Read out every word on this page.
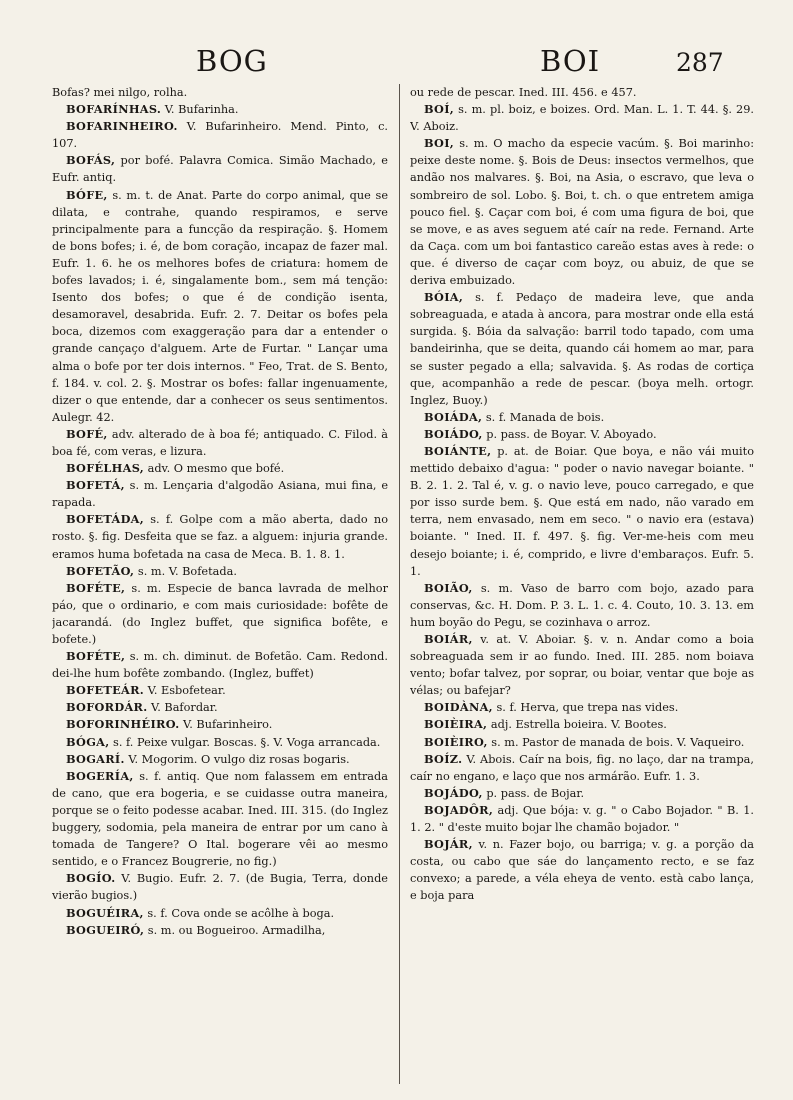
BOG	BOI	287

Bofas? mei nilgo, rolha.

BOFARÍNHAS. V. Bufarinha.

BOFARINHEIRO. V. Bufarinheiro. Mend. Pinto, c. 107.

BOFÁS, por bofé. Palavra Comica. Simão Machado, e Eufr. antiq.

BÓFE, s. m. t. de Anat. Parte do corpo animal, que se dilata, e contrahe, quando respiramos, e serve principalmente para a funcção da respiração. §. Homem de bons bofes; i. é, de bom coração, incapaz de fazer mal. Eufr. 1. 6. he os melhores bofes de criatura: homem de bofes lavados; i. é, singalamente bom., sem má tenção: Isento dos bofes; o que é de condição isenta, desamoravel, desabrida. Eufr. 2. 7. Deitar os bofes pela boca, dizemos com exaggeração para dar a entender o grande cançaço d'alguem. Arte de Furtar. " Lançar uma alma o bofe por ter dois internos. " Feo, Trat. de S. Bento, f. 184. v. col. 2. §. Mostrar os bofes: fallar ingenuamente, dizer o que entende, dar a conhecer os seus sentimentos. Aulegr. 42.

BOFÉ, adv. alterado de à boa fé; antiquado. C. Filod. à boa fé, com veras, e lizura.

BOFÉLHAS, adv. O mesmo que bofé.

BOFETÁ, s. m. Lençaria d'algodão Asiana, mui fina, e rapada.

BOFETÁDA, s. f. Golpe com a mão aberta, dado no rosto. §. fig. Desfeita que se faz. a alguem: injuria grande. eramos huma bofetada na casa de Meca. B. 1. 8. 1.

BOFETÃO, s. m. V. Bofetada.

BOFÉTE, s. m. Especie de banca lavrada de melhor páo, que o ordinario, e com mais curiosidade: bofête de jacarandá. (do Inglez buffet, que significa bofête, e bofete.)

BOFÉTE, s. m. ch. diminut. de Bofetão. Cam. Redond. dei-lhe hum bofête zombando. (Inglez, buffet)

BOFETEÁR. V. Esbofetear.

BOFORDÁR. V. Bafordar.

BOFORINHÉIRO. V. Bufarinheiro.

BÓGA, s. f. Peixe vulgar. Boscas. §. V. Voga arrancada.

BOGARÍ. V. Mogorim. O vulgo diz rosas bogaris.

BOGERÍA, s. f. antiq. Que nom falassem em entrada de cano, que era bogeria, e se cuidasse outra maneira, porque se o feito podesse acabar. Ined. III. 315. (do Inglez buggery, sodomia, pela maneira de entrar por um cano à tomada de Tangere? O Ital. bogerare vêi ao mesmo sentido, e o Francez Bougrerie, no fig.)

BOGÍO. V. Bugio. Eufr. 2. 7. (de Bugia, Terra, donde vierão bugios.)

BOGUÉIRA, s. f. Cova onde se acôlhe à boga.

BOGUEIRÓ, s. m. ou Bogueiroo. Armadilha,

ou rede de pescar. Ined. III. 456. e 457.

BOÍ, s. m. pl. boiz, e boizes. Ord. Man. L. 1. T. 44. §. 29. V. Aboiz.

BOI, s. m. O macho da especie vacúm. §. Boi marinho: peixe deste nome. §. Bois de Deus: insectos vermelhos, que andão nos malvares. §. Boi, na Asia, o escravo, que leva o sombreiro de sol. Lobo. §. Boi, t. ch. o que entretem amiga pouco fiel. §. Caçar com boi, é com uma figura de boi, que se move, e as aves seguem até caír na rede. Fernand. Arte da Caça. com um boi fantastico careão estas aves à rede: o que. é diverso de caçar com boyz, ou abuiz, de que se deriva embuizado.

BÓIA, s. f. Pedaço de madeira leve, que anda sobreaguada, e atada à ancora, para mostrar onde ella está surgida. §. Bóia da salvação: barril todo tapado, com uma bandeirinha, que se deita, quando cái homem ao mar, para se suster pegado a ella; salvavida. §. As rodas de cortiça que, acompanhão a rede de pescar. (boya melh. ortogr. Inglez, Buoy.)

BOIÁDA, s. f. Manada de bois.

BOIÁDO, p. pass. de Boyar. V. Aboyado.

BOIÁNTE, p. at. de Boiar. Que boya, e não vái muito mettido debaixo d'agua: " poder o navio navegar boiante. " B. 2. 1. 2. Tal é, v. g. o navio leve, pouco carregado, e que por isso surde bem. §. Que está em nado, não varado em terra, nem envasado, nem em seco. " o navio era (estava) boiante. " Ined. II. f. 497. §. fig. Ver-me-heis com meu desejo boiante; i. é, comprido, e livre d'embaraços. Eufr. 5. 1.

BOIÃO, s. m. Vaso de barro com bojo, azado para conservas, &c. H. Dom. P. 3. L. 1. c. 4. Couto, 10. 3. 13. em hum boyão do Pegu, se cozinhava o arroz.

BOIÁR, v. at. V. Aboiar. §. v. n. Andar como a boia sobreaguada sem ir ao fundo. Ined. III. 285. nom boiava vento; bofar talvez, por soprar, ou boiar, ventar que boje as vélas; ou bafejar?

BOIDÀNA, s. f. Herva, que trepa nas vides.

BOIÈIRA, adj. Estrella boieira. V. Bootes.

BOIÈIRO, s. m. Pastor de manada de bois. V. Vaqueiro.

BOÍZ. V. Abois. Caír na bois, fig. no laço, dar na trampa, caír no engano, e laço que nos armárão. Eufr. 1. 3.

BOJÁDO, p. pass. de Bojar.

BOJADÔR, adj. Que bója: v. g. " o Cabo Bojador. " B. 1. 1. 2. " d'este muito bojar lhe chamão bojador. "

BOJÁR, v. n. Fazer bojo, ou barriga; v. g. a porção da costa, ou cabo que sáe do lançamento recto, e se faz convexo; a parede, a véla eheya de vento. està cabo lança, e boja para
